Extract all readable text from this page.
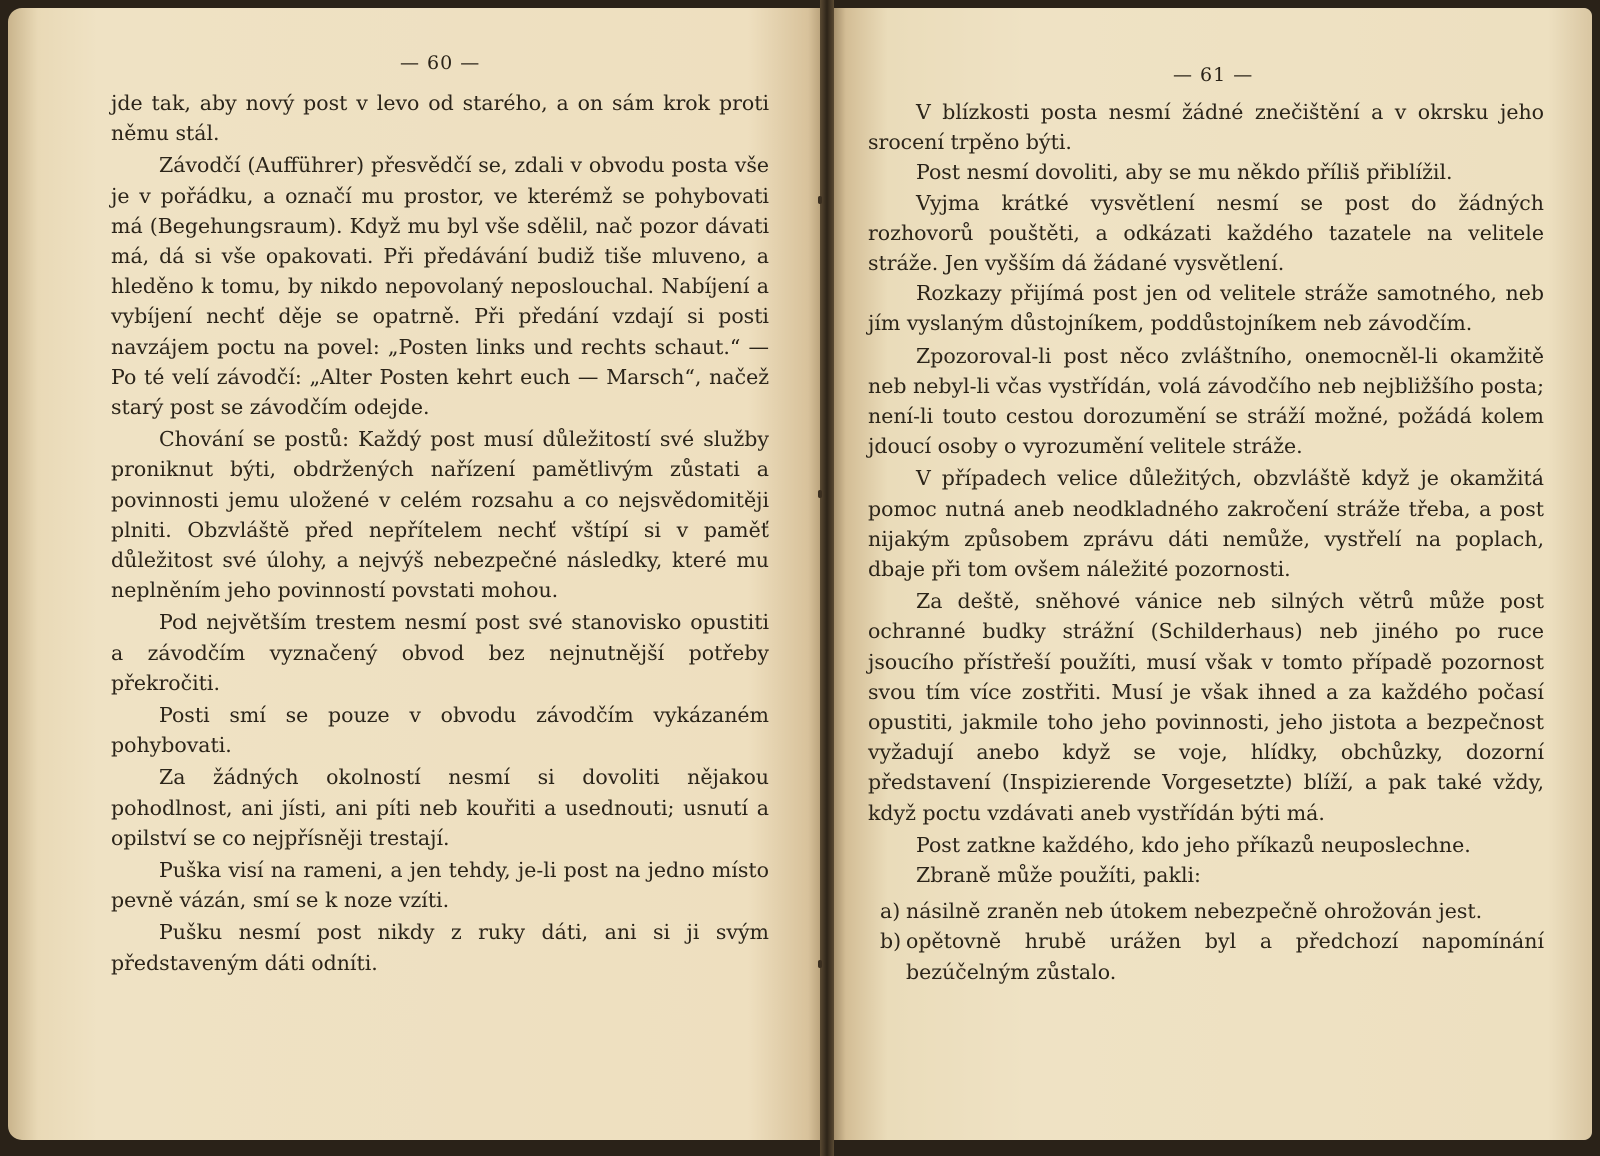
— 60 —

jde tak, aby nový post v levo od starého, a on sám krok proti němu stál.

Závodčí (Aufführer) přesvědčí se, zdali v obvodu posta vše je v pořádku, a označí mu prostor, ve kterémž se pohybovati má (Begehungsraum). Když mu byl vše sdělil, nač pozor dávati má, dá si vše opakovati. Při předávání budiž tiše mluveno, a hleděno k tomu, by nikdo nepovolaný neposlouchal. Nabíjení a vybíjení nechť děje se opatrně. Při předání vzdají si posti navzájem poctu na povel: „Posten links und rechts schaut.“ — Po té velí závodčí: „Alter Posten kehrt euch — Marsch“, načež starý post se závodčím odejde.

Chování se postů: Každý post musí důležitostí své služby proniknut býti, obdržených nařízení pamětlivým zůstati a povinnosti jemu uložené v celém rozsahu a co nejsvědomitěji plniti. Obzvláště před nepřítelem nechť vštípí si v paměť důležitost své úlohy, a nejvýš nebezpečné následky, které mu neplněním jeho povinností povstati mohou.

Pod největším trestem nesmí post své stanovisko opustiti a závodčím vyznačený obvod bez nejnutnější potřeby překročiti.

Posti smí se pouze v obvodu závodčím vykázaném pohybovati.

Za žádných okolností nesmí si dovoliti nějakou pohodlnost, ani jísti, ani píti neb kouřiti a usednouti; usnutí a opilství se co nejpřísněji trestají.

Puška visí na rameni, a jen tehdy, je-li post na jedno místo pevně vázán, smí se k noze vzíti.

Pušku nesmí post nikdy z ruky dáti, ani si ji svým představeným dáti odníti.

— 61 —

V blízkosti posta nesmí žádné znečištění a v okrsku jeho srocení trpěno býti.

Post nesmí dovoliti, aby se mu někdo příliš přiblížil.

Vyjma krátké vysvětlení nesmí se post do žádných rozhovorů pouštěti, a odkázati každého tazatele na velitele stráže. Jen vyšším dá žádané vysvětlení.

Rozkazy přijímá post jen od velitele stráže samotného, neb jím vyslaným důstojníkem, poddůstojníkem neb závodčím.

Zpozoroval-li post něco zvláštního, onemocněl-li okamžitě neb nebyl-li včas vystřídán, volá závodčího neb nejbližšího posta; není-li touto cestou dorozumění se stráží možné, požádá kolem jdoucí osoby o vyrozumění velitele stráže.

V případech velice důležitých, obzvláště když je okamžitá pomoc nutná aneb neodkladného zakročení stráže třeba, a post nijakým způsobem zprávu dáti nemůže, vystřelí na poplach, dbaje při tom ovšem náležité pozornosti.

Za deště, sněhové vánice neb silných větrů může post ochranné budky strážní (Schilderhaus) neb jiného po ruce jsoucího přístřeší použíti, musí však v tomto případě pozornost svou tím více zostřiti. Musí je však ihned a za každého počasí opustiti, jakmile toho jeho povinnosti, jeho jistota a bezpečnost vyžadují anebo když se voje, hlídky, obchůzky, dozorní představení (Inspizierende Vorgesetzte) blíží, a pak také vždy, když poctu vzdávati aneb vystřídán býti má.

Post zatkne každého, kdo jeho příkazů neuposlechne.

Zbraně může použíti, pakli:

a) násilně zraněn neb útokem nebezpečně ohrožován jest.
b) opětovně hrubě urážen byl a předchozí napomínání bezúčelným zůstalo.
